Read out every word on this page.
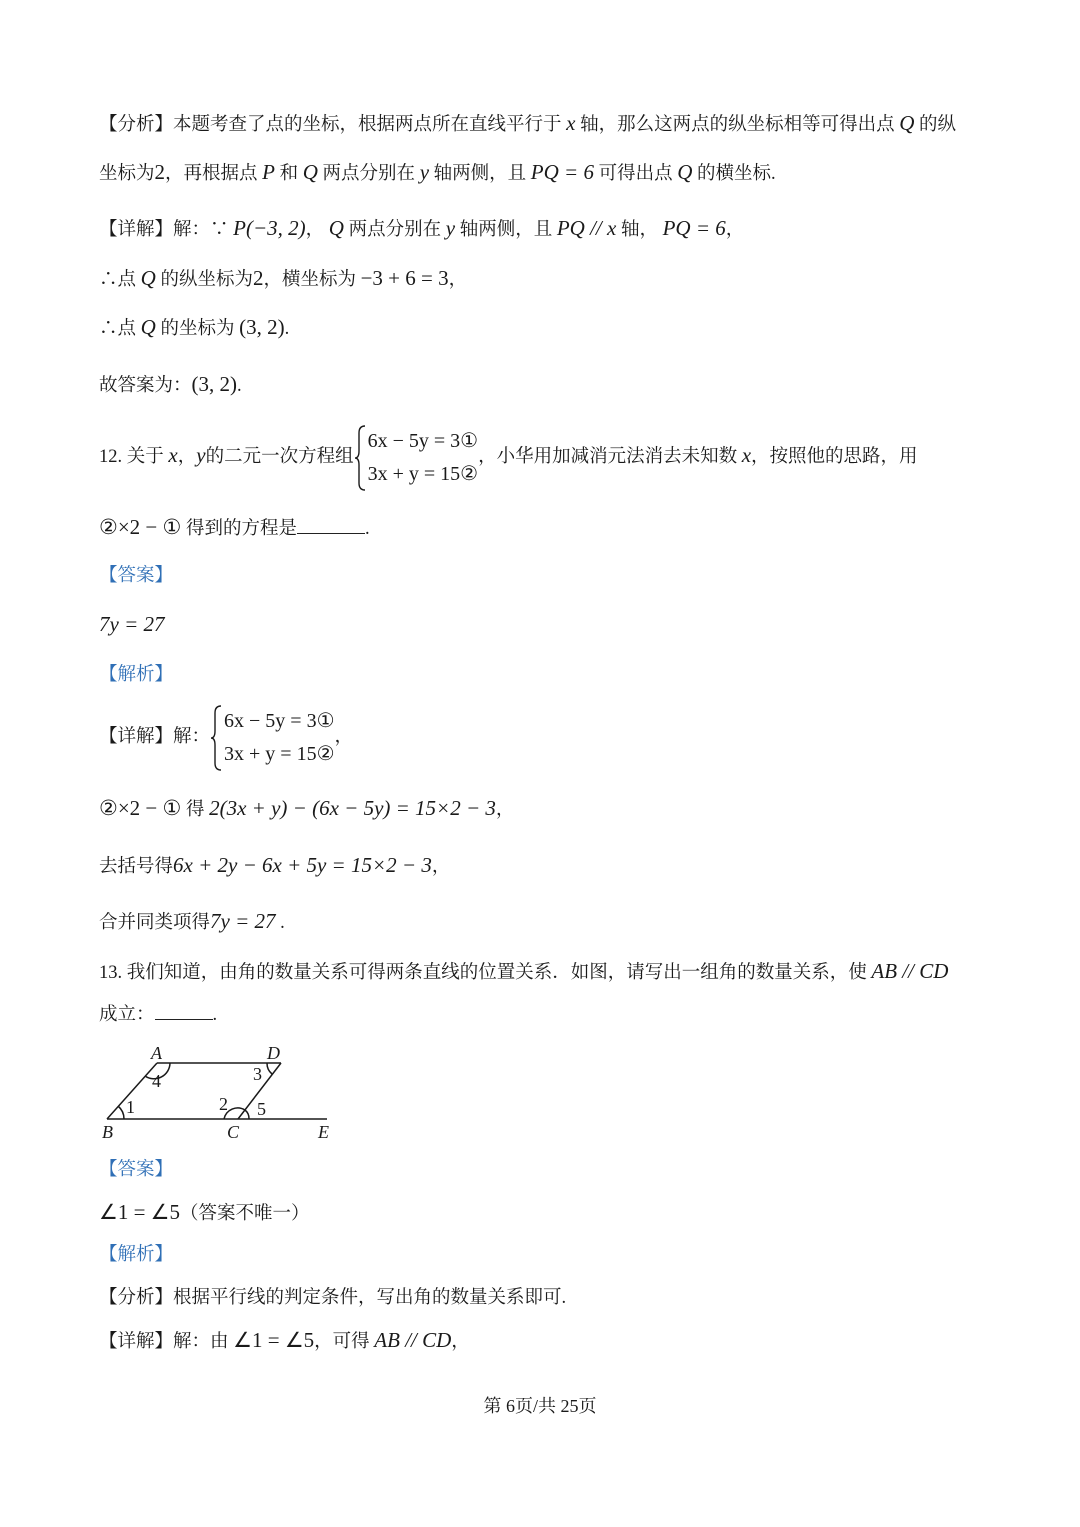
【分析】本题考查了点的坐标，根据两点所在直线平行于 x 轴，那么这两点的纵坐标相等可得出点 Q 的纵
坐标为2，再根据点 P 和 Q 两点分别在 y 轴两侧，且 PQ = 6 可得出点 Q 的横坐标.
【详解】解：∵ P(−3, 2)， Q 两点分别在 y 轴两侧，且 PQ // x 轴， PQ = 6，
∴点 Q 的纵坐标为2，横坐标为 −3 + 6 = 3，
∴点 Q 的坐标为 (3, 2).
故答案为：(3, 2).
12. 关于 x，y的二元一次方程组
6x − 5y = 3①
3x + y = 15②
，小华用加减消元法消去未知数 x，按照他的思路，用
②×2 − ① 得到的方程是	.
【答案】
7y = 27
【解析】
【详解】解：
6x − 5y = 3①
3x + y = 15②
，
②×2 − ① 得 2(3x + y) − (6x − 5y) = 15×2 − 3，
去括号得6x + 2y − 6x + 5y = 15×2 − 3，
合并同类项得7y = 27 .
13. 我们知道，由角的数量关系可得两条直线的位置关系．如图，请写出一组角的数量关系，使 AB // CD
成立：	.
A	D
B	C	E
1	2
3
4
5
【答案】
∠1 = ∠5（答案不唯一）
【解析】
【分析】根据平行线的判定条件，写出角的数量关系即可.
【详解】解：由 ∠1 = ∠5，可得 AB // CD，
第 6页/共 25页
